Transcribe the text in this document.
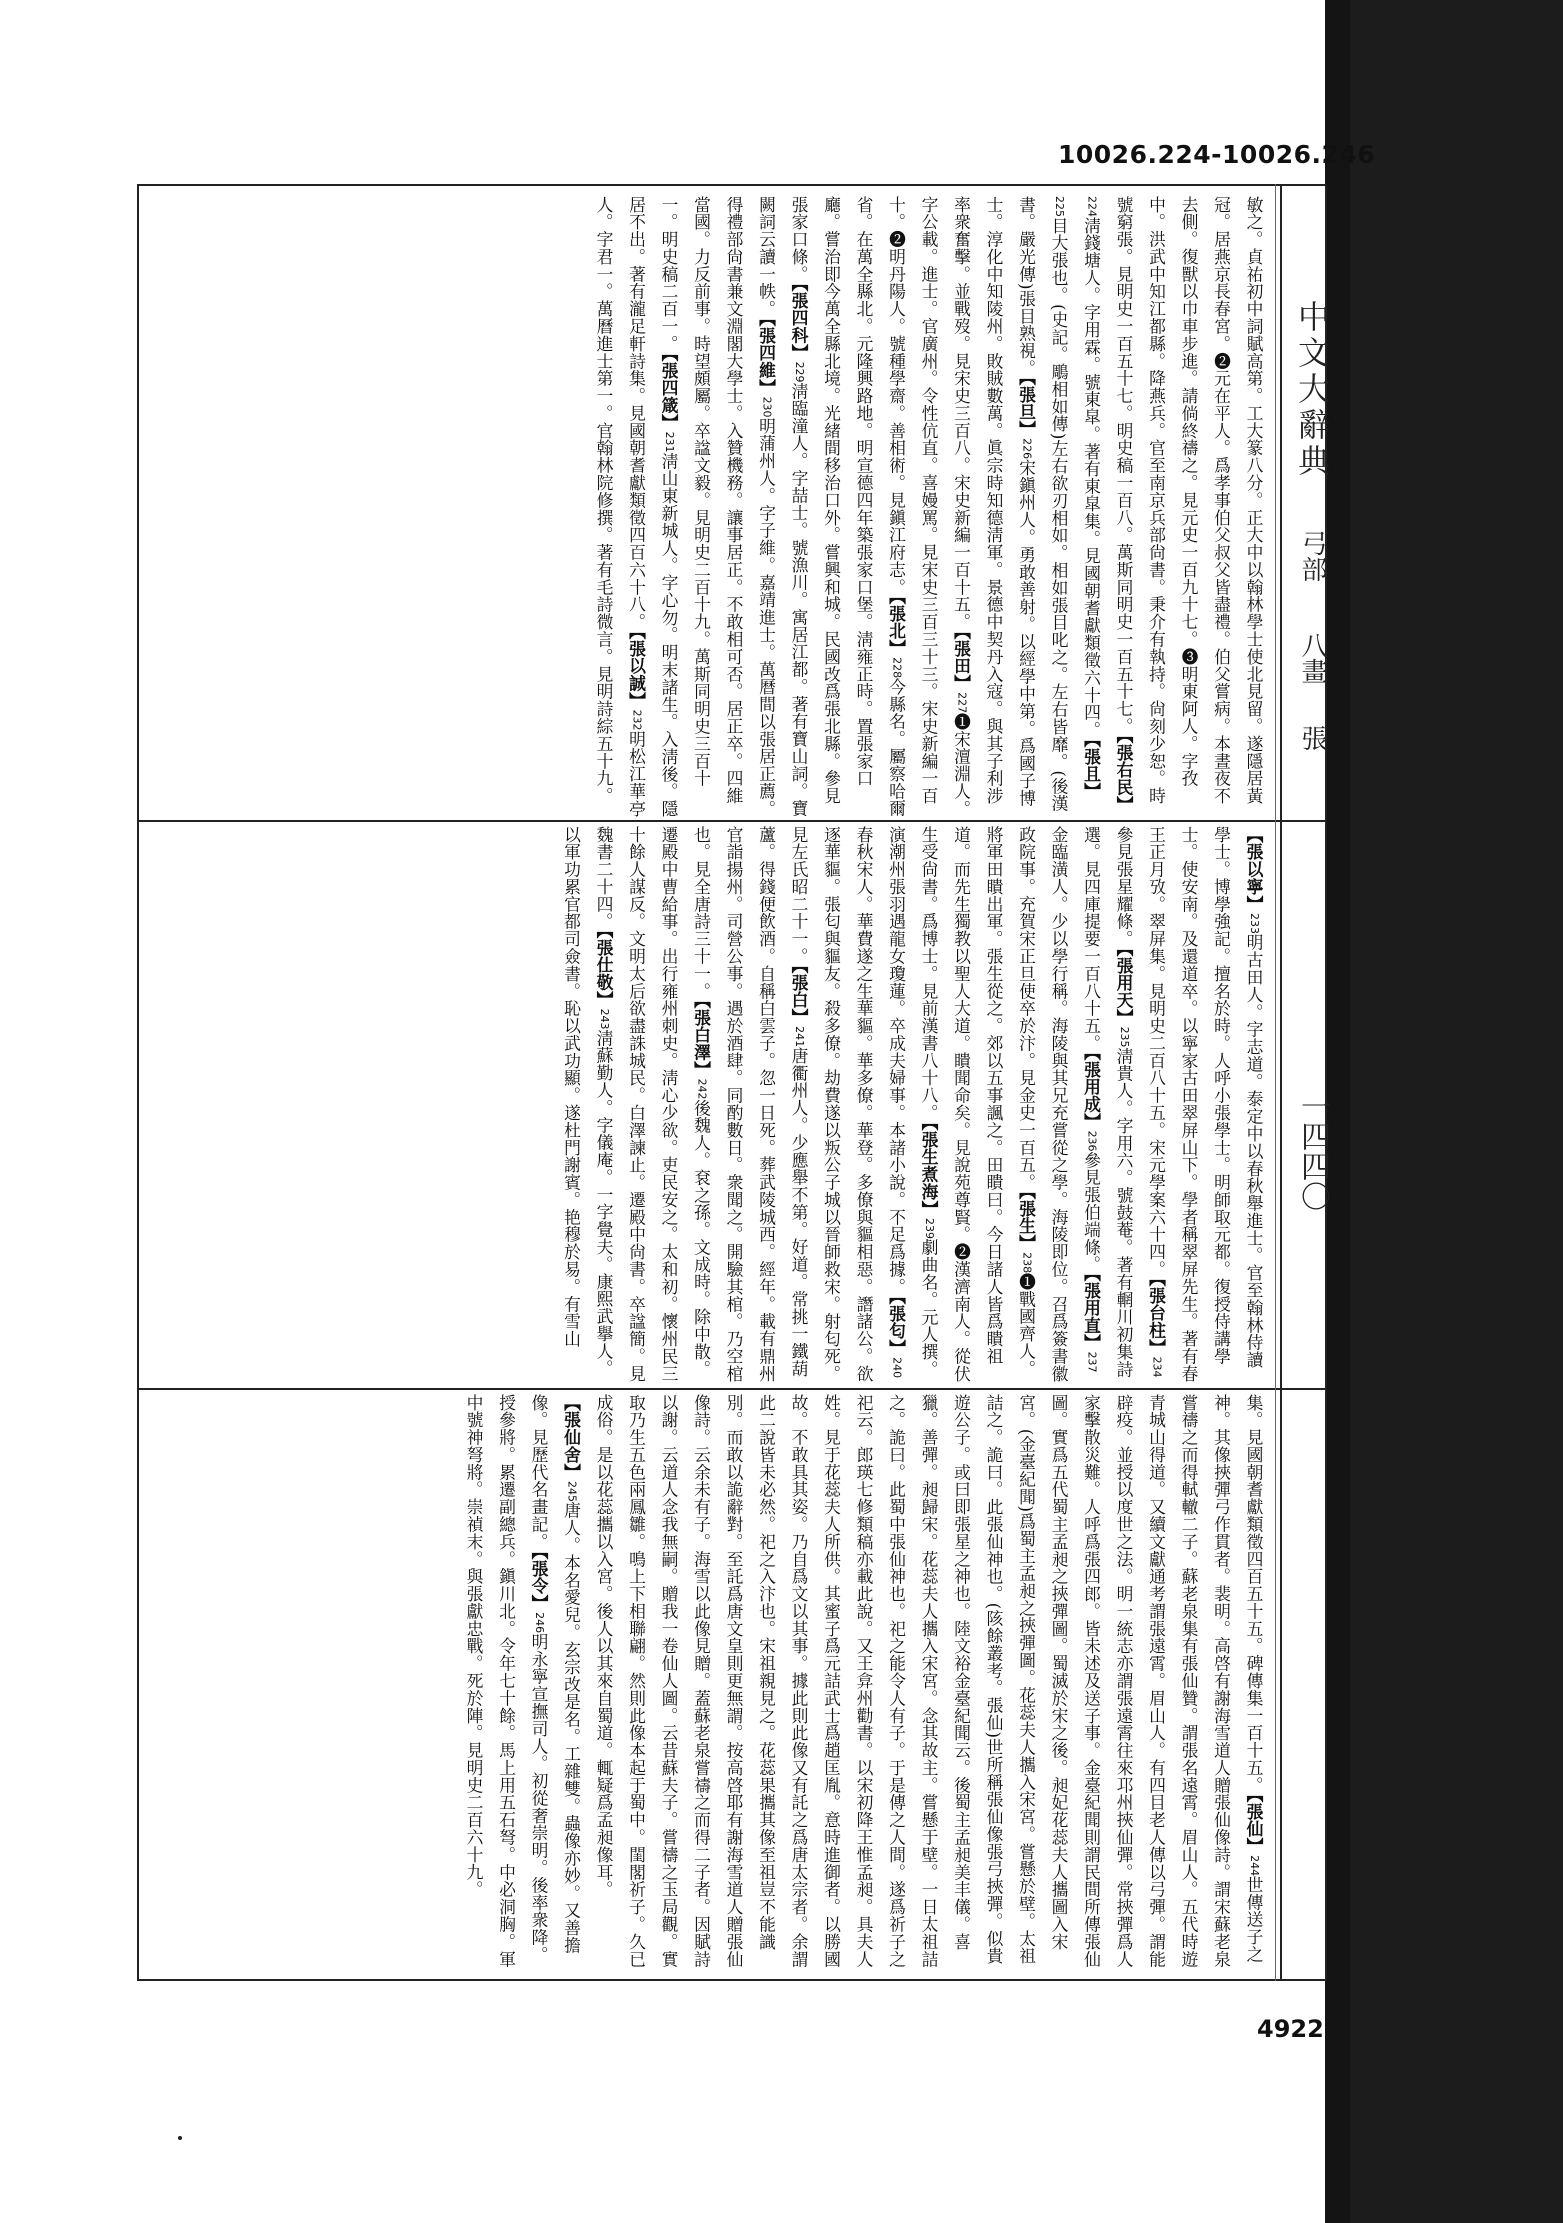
10026.224-10026.246
中文大辭典 弓部 八畫 張 一四四〇
敏之。貞祐初中詞賦高第。工大篆八分。正大中以翰林學士使北見留。遂隱居黃冠。居燕京長春宮。❷元在平人。爲孝事伯父叔父皆盡禮。伯父嘗病。本晝夜不去側。復獸以巾車步進。請倘終禱之。見元史一百九十七。❸明東阿人。字孜中。洪武中知江都縣。降燕兵。官至南京兵部尙書。秉介有執持。尙刻少恕。時號窮張。見明史一百五十七。明史稿一百八。萬斯同明史一百五十七。【張右民】224淸錢塘人。字用霖。號東皐。著有東皐集。見國朝耆獻類徵六十四。【張且】225目大張也。(史記。鵰相如傳)左右欲刃相如。相如張目叱之。左右皆靡。(後漢書。嚴光傳)張目熟視。【張旦】226宋鎭州人。勇敢善射。以經學中第。爲國子博士。淳化中知陵州。敗賊數萬。眞宗時知德淸軍。景德中契丹入寇。與其子利涉率衆奮擊。並戰歿。見宋史三百八。宋史新編一百十五。【張田】227❶宋澶淵人。字公載。進士。官廣州。令性伉直。喜嫚罵。見宋史三百三十三。宋史新編一百十。❷明丹陽人。號種學齋。善相術。見鎭江府志。【張北】228今縣名。屬察哈爾省。在萬全縣北。元隆興路地。明宣德四年築張家口堡。淸雍正時。置張家口廳。嘗治即今萬全縣北境。光緒間移治口外。嘗興和城。民國改爲張北縣。參見張家口條。【張四科】229淸臨潼人。字喆士。號漁川。寓居江都。著有寶山詞。寶闕詞云讀一帙。【張四維】230明蒲州人。字子維。嘉靖進士。萬曆間以張居正薦。得禮部尙書兼文淵閣大學士。入贊機務。讓事居正。不敢相可否。居正卒。四維當國。力反前事。時望頗屬。卒諡文毅。見明史二百十九。萬斯同明史三百十一。明史稿二百一。【張四箴】231淸山東新城人。字心勿。明末諸生。入淸後。隱居不出。著有瀧足軒詩集。見國朝耆獻類徵四百六十八。【張以誠】232明松江華亭人。字君一。萬曆進士第一。官翰林院修撰。著有毛詩微言。見明詩綜五十九。
【張以寧】233明古田人。字志道。泰定中以春秋舉進士。官至翰林侍讀學士。博學強記。擅名於時。人呼小張學士。明師取元都。復授侍講學士。使安南。及還道卒。以寧家古田翠屏山下。學者稱翠屏先生。著有春王正月攷。翠屏集。見明史二百八十五。宋元學案六十四。【張台柱】234參見張星耀條。【張用天】235淸貴人。字用六。號鼓菴。著有輞川初集詩選。見四庫提要一百八十五。【張用成】236參見張伯端條。【張用直】237金臨潢人。少以學行稱。海陵與其兄充嘗從之學。海陵即位。召爲簽書徽政院事。充賀宋正旦使卒於汴。見金史一百五。【張生】238❶戰國齊人。將軍田瞶出軍。張生從之。郊以五事諷之。田瞶曰。今日諸人皆爲瞶祖道。而先生獨教以聖人大道。瞶聞命矣。見說苑尊賢。❷漢濟南人。從伏生受尙書。爲博士。見前漢書八十八。【張生煮海】239劇曲名。元人撰。演潮州張羽遇龍女瓊蓮。卒成夫婦事。本諸小說。不足爲據。【張匂】240春秋宋人。華費遂之生華貙。華多僚。華登。多僚與貙相惡。譖諸公。欲逐華貙。張匂與貙友。殺多僚。劫費遂以叛公子城以晉師救宋。射匂死。見左氏昭二十一。【張白】241唐衢州人。少應舉不第。好道。常挑一鐵葫蘆。得錢便飲酒。自稱白雲子。忽一日死。葬武陵城西。經年。載有鼎州官詣揚州。司營公事。遇於酒肆。同酌數日。衆聞之。開驗其棺。乃空棺也。見全唐詩三十一。【張白澤】242後魏人。袞之孫。文成時。除中散。遷殿中曹給事。出行雍州刺史。淸心少欲。吏民安之。太和初。懷州民三十餘人謀反。文明太后欲盡誅城民。白澤諫止。遷殿中尙書。卒諡簡。見魏書二十四。【張仕敬】243淸蘇勤人。字儀庵。一字覺夫。康熙武擧人。以軍功累官都司僉書。恥以武功顯。遂杜門謝賓。艳穆於易。有雪山
集。見國朝耆獻類徵四百五十五。碑傳集一百十五。【張仙】244世傳送子之神。其像挾彈弓作貫者。裴明。高啓有謝海雪道人贈張仙像詩。謂宋蘇老泉嘗禱之而得軾轍二子。蘇老泉集有張仙贊。謂張名遠霄。眉山人。五代時遊青城山得道。又續文獻通考謂張遠霄。眉山人。有四目老人傳以弓彈。謂能辟疫。並授以度世之法。明一統志亦謂張遠霄往來邛州挾仙彈。常挾彈爲人家擊散災難。人呼爲張四郎。皆未述及送子事。金臺紀聞則謂民間所傳張仙圖。實爲五代蜀主孟昶之挾彈圖。蜀滅於宋之後。昶妃花蕊夫人攜圖入宋宮。(金臺紀聞)爲蜀主孟昶之挾彈圖。花蕊夫人攜入宋宮。嘗懸於壁。太祖詰之。詭曰。此張仙神也。(陔餘叢考。張仙)世所稱張仙像張弓挾彈。似貴遊公子。或曰即張星之神也。陸文裕金臺紀聞云。後蜀主孟昶美丰儀。喜獵。善彈。昶歸宋。花蕊夫人攜入宋宮。念其故主。嘗懸于壁。一日太祖詰之。詭曰。此蜀中張仙神也。祀之能令人有子。于是傳之人間。遂爲祈子之祀云。郎瑛七修類稿亦載此說。又王弇州勸書。以宋初降王惟孟昶。具夫人姓。見于花蕊夫人所供。其蜜子爲元詰武士爲趙匡胤。意時進御者。以勝國故。不敢具其姿。乃自爲文以其事。據此則此像又有託之爲唐太宗者。余謂此二說皆未必然。祀之入汴也。宋祖親見之。花蕊果攜其像至祖豈不能識別。而敢以詭辭對。至託爲唐文皇則更無謂。按高啓耶有謝海雪道人贈張仙像詩。云余未有子。海雪以此像見贈。蓋蘇老泉嘗禱之而得二子者。因賦詩以謝。云道人念我無嗣。贈我一卷仙人圖。云昔蘇夫子。嘗禱之玉局觀。實取乃生五色兩鳳雛。鳴上下相聯翩。然則此像本起于蜀中。閨閣祈子。久已成俗。是以花蕊攜以入宮。後人以其來自蜀道。輒疑爲孟昶像耳。【張仙舍】245唐人。本名愛兒。玄宗改是名。工雜雙。蟲像亦妙。又善擔像。見歷代名畫記。【張令】246明永寧宣撫司人。初從奢崇明。後率衆降。授參將。累遷副總兵。鎭川北。令年七十餘。馬上用五石弩。中必洞胸。軍中號神弩將。崇禎末。與張獻忠戰。死於陣。見明史二百六十九。
4922
